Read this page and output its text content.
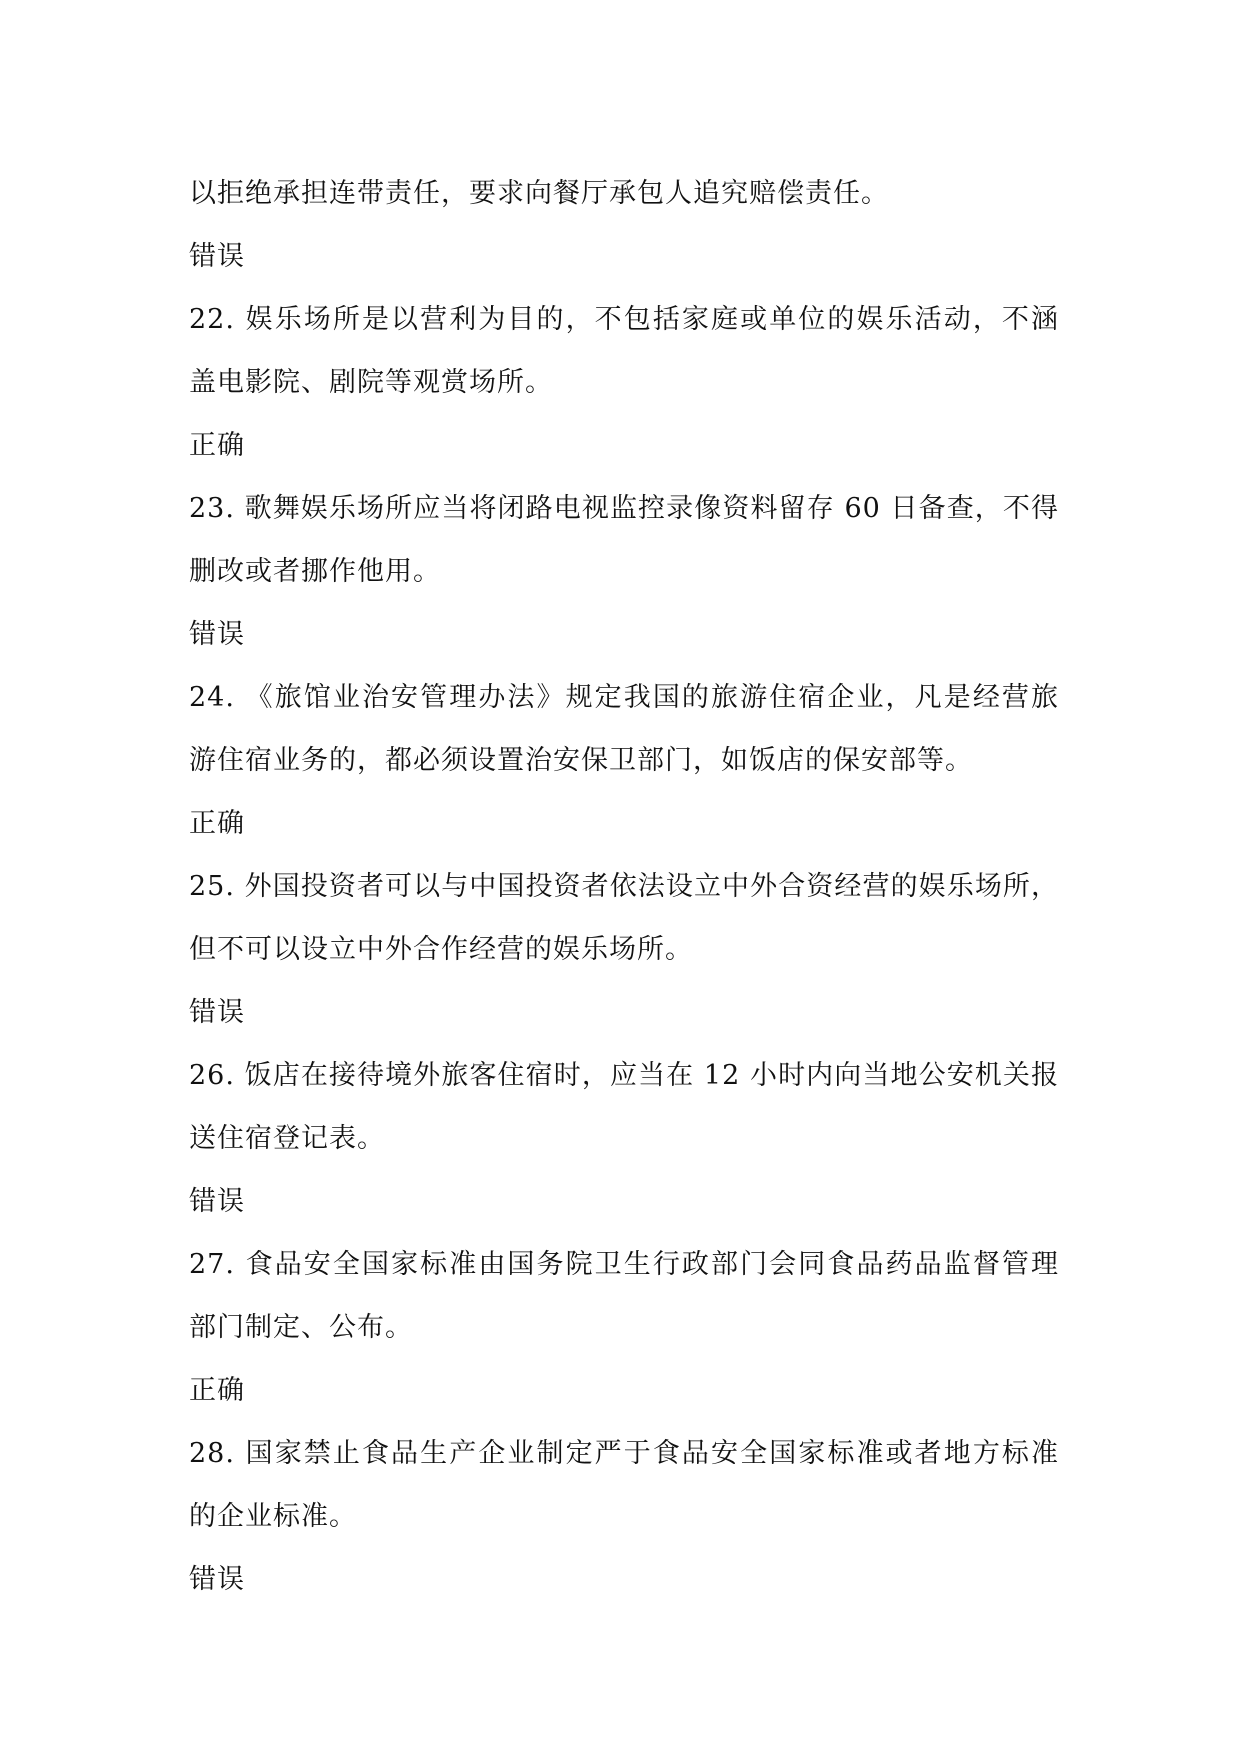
以拒绝承担连带责任，要求向餐厅承包人追究赔偿责任。
错误
22. 娱乐场所是以营利为目的，不包括家庭或单位的娱乐活动，不涵
盖电影院、剧院等观赏场所。
正确
23. 歌舞娱乐场所应当将闭路电视监控录像资料留存 60 日备查，不得
删改或者挪作他用。
错误
24. 《旅馆业治安管理办法》规定我国的旅游住宿企业，凡是经营旅
游住宿业务的，都必须设置治安保卫部门，如饭店的保安部等。
正确
25. 外国投资者可以与中国投资者依法设立中外合资经营的娱乐场所，
但不可以设立中外合作经营的娱乐场所。
错误
26. 饭店在接待境外旅客住宿时，应当在 12 小时内向当地公安机关报
送住宿登记表。
错误
27. 食品安全国家标准由国务院卫生行政部门会同食品药品监督管理
部门制定、公布。
正确
28. 国家禁止食品生产企业制定严于食品安全国家标准或者地方标准
的企业标准。
错误
